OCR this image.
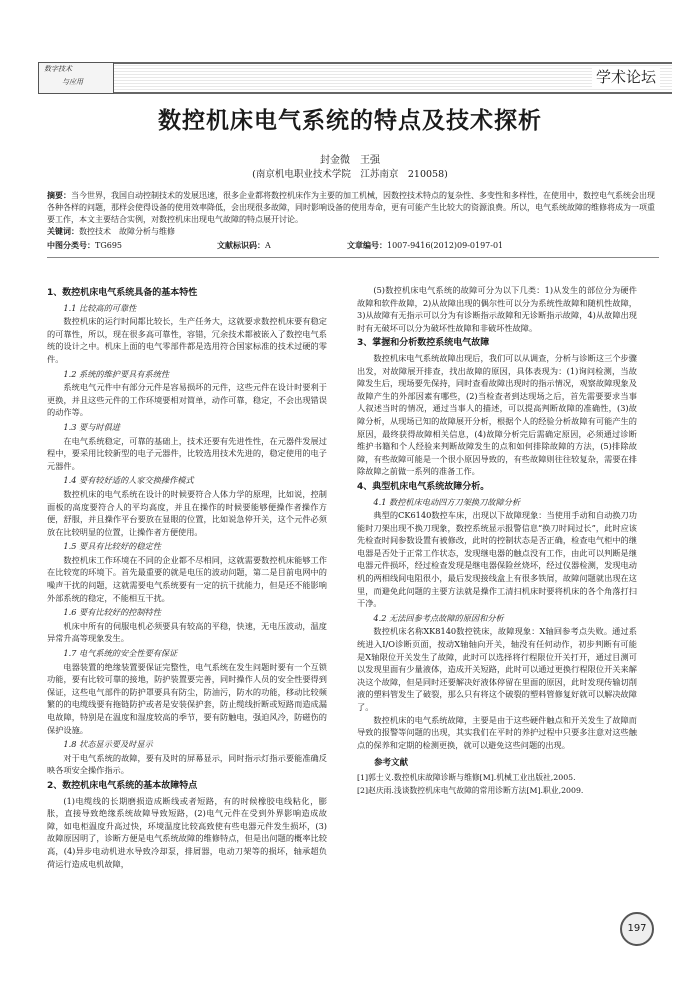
数字技术
与应用	学术论坛
数控机床电气系统的特点及技术探析
封金微　王强
(南京机电职业技术学院　江苏南京　210058)
摘要：当今世界，我国自动控制技术的发展迅速，很多企业都将数控机床作为主要的加工机械，因数控技术特点的复杂性、多变性和多样性，在使用中，数控电气系统会出现各种各样的问题，那样会使得设备的使用效率降低，会出现很多故障，同时影响设备的使用寿命，更有可能产生比较大的资源浪费。所以，电气系统故障的维修将成为一项重要工作，本文主要结合实例，对数控机床出现电气故障的特点展开讨论。
关键词：数控技术　故障分析与维修
中图分类号：TG695	文献标识码：A	文章编号：1007-9416(2012)09-0197-01
1、数控机床电气系统具备的基本特性
1.1 比较高的可靠性

数控机床的运行时间都比较长，生产任务大，这就要求数控机床要有稳定的可靠性，所以，现在很多高可靠性，容错，冗余技术都被嵌入了数控电气系统的设计之中。机床上面的电气零部件都是选用符合国家标准的技术过硬的零件。

1.2 系统的维护要具有系统性

系统电气元件中有部分元件是容易损坏的元件，这些元件在设计时要利于更换，并且这些元件的工作环境要相对简单，动作可靠，稳定，不会出现错误的动作等。

1.3 要与时俱进

在电气系统稳定，可靠的基础上，技术还要有先进性性，在元器件发展过程中，要采用比较新型的电子元器件，比较选用技术先进的，稳定使用的电子元器件。

1.4 要有较好适的人家交换操作模式

数控机床的电气系统在设计的时候要符合人体力学的原理，比如说，控制面板的高度要符合人的平均高度，并且在操作的时候要能够便操作者操作方便，舒服，并且操作平台要放在显眼的位置，比如说急停开关，这个元件必须放在比较明显的位置，让操作者方便使用。

1.5 要具有比较好的稳定性

数控机床工作环境在不同的企业都不尽相同，这就需要数控机床能够工作在比较宽的环境下。首先最重要的就是电压的波动问题，第二是目前电网中的噪声干扰的问题，这就需要电气系统要有一定的抗干扰能力，但是还不能影响外部系统的稳定，不能相互干扰。

1.6 要有比较好的控制特性

机床中所有的伺服电机必须要具有较高的平稳，快速，无电压波动，温度异常升高等现象发生。

1.7 电气系统的安全性要有保证

电器装置的绝缘装置要保证完整性，电气系统在发生问题时要有一个互锁功能，要有比较可靠的接地，防护装置要完善，同时操作人员的安全性要得到保证，这些电气部件的防护罩要具有防尘，防油污，防水的功能，移动比较频繁的的电缆线要有拖链防护或者是安装保护套，防止缆线折断或短路而造成漏电故障，特别是在温度和湿度较高的季节，要有防触电，强迫风冷，防磁伤的保护设施。

1.8 状态显示要及时显示

对于电气系统的故障，要有及时的屏幕显示，同时指示灯指示要能准确反映各项安全操作指示。

2、数控机床电气系统的基本故障特点

(1)电缆线的长期磨损造成断线或者短路，有的时候橡胶电线粘化，膨胀，直接导致绝缘系统故障导致短路，(2)电气元件在受到外界影响造成故障，如电柜温度升高过快，环境温度比较高致使有些电器元件发生损坏，(3)故障原因明了，诊断方便是电气系统故障的维修特点，但是出问题的概率比较高，(4)异步电动机进水导致冷却泵，排屑器，电动刀架等的损坏，轴承超负荷运行造成电机故障，

(5)数控机床电气系统的故障可分为以下几类：1)从发生的部位分为硬件故障和软件故障，2)从故障出现的偶尔性可以分为系统性故障和随机性故障，3)从故障有无指示可以分为有诊断指示故障和无诊断指示故障，4)从故障出现时有无破坏可以分为破坏性故障和非破坏性故障。

3、掌握和分析数控系统电气故障

数控机床电气系统故障出现后，我们可以从调查，分析与诊断这三个步骤出发，对故障展开排查，找出故障的原因，具体表现为：(1)询问检测，当故障发生后，现场要先保持，同时查看故障出现时的指示情况，观察故障现象及故障产生的外部因素有哪些，(2)当检查者到达现场之后，首先需要要求当事人叙述当时的情况，通过当事人的描述，可以提高判断故障的准确性，(3)故障分析，从现场已知的故障展开分析，根据个人的经验分析故障有可能产生的原因，最终获得故障相关信息，(4)故障分析完后需确定原因，必须通过诊断维护书籍和个人经验来判断故障发生的点和如何排除故障的方法，(5)排除故障，有些故障可能是一个很小原因导致的，有些故障则往往较复杂，需要在排除故障之前做一系列的准备工作。

4、典型机床电气系统故障分析。
4.1 数控机床电动四方刀架换刀故障分析

典型的CK6140数控车床，出现以下故障现象：当使用手动和自动换刀功能时刀架出现不换刀现象，数控系统显示报警信息“换刀时间过长”，此时应该先检查时间参数设置有被修改，此时的控制状态是否正确，检查电气柜中的继电器是否处于正常工作状态，发现继电器的触点没有工作，由此可以判断是继电器元件损坏，经过检查发现是继电器保险丝烧坏，经过仪器检测，发现电动机的两相线间电阻很小，最后发现接线盒上有很多铁屑，故障问题就出现在这里，而避免此问题的主要方法就是操作工清扫机床时要将机床的各个角落打扫干净。

4.2 无法回参考点故障的原因和分析

数控机床名称XK8140数控铣床，故障现象：X轴回参考点失败。通过系统进入I/O诊断页面，按动X轴轴向开关，轴没有任何动作，初步判断有可能是X轴限位开关发生了故障，此时可以选择将行程限位开关打开，通过目测可以发现里面有少量液体，造成开关短路，此时可以通过更换行程限位开关来解决这个故障，但是同时还要解决好液体停留在里面的原因，此时发现传输切削液的塑料管发生了破裂，那么只有将这个破裂的塑料管修复好就可以解决故障了。

数控机床的电气系统故障，主要是由于这些硬件触点和开关发生了故障而导致的报警等问题的出现，其实我们在平时的养护过程中只要多注意对这些触点的保养和定期的检测更换，就可以避免这些问题的出现。

参考文献

[1]郭士义.数控机床故障诊断与维修[M].机械工业出版社,2005.

[2]赵庆雨.浅谈数控机床电气故障的常用诊断方法[M].职业,2009.

197
